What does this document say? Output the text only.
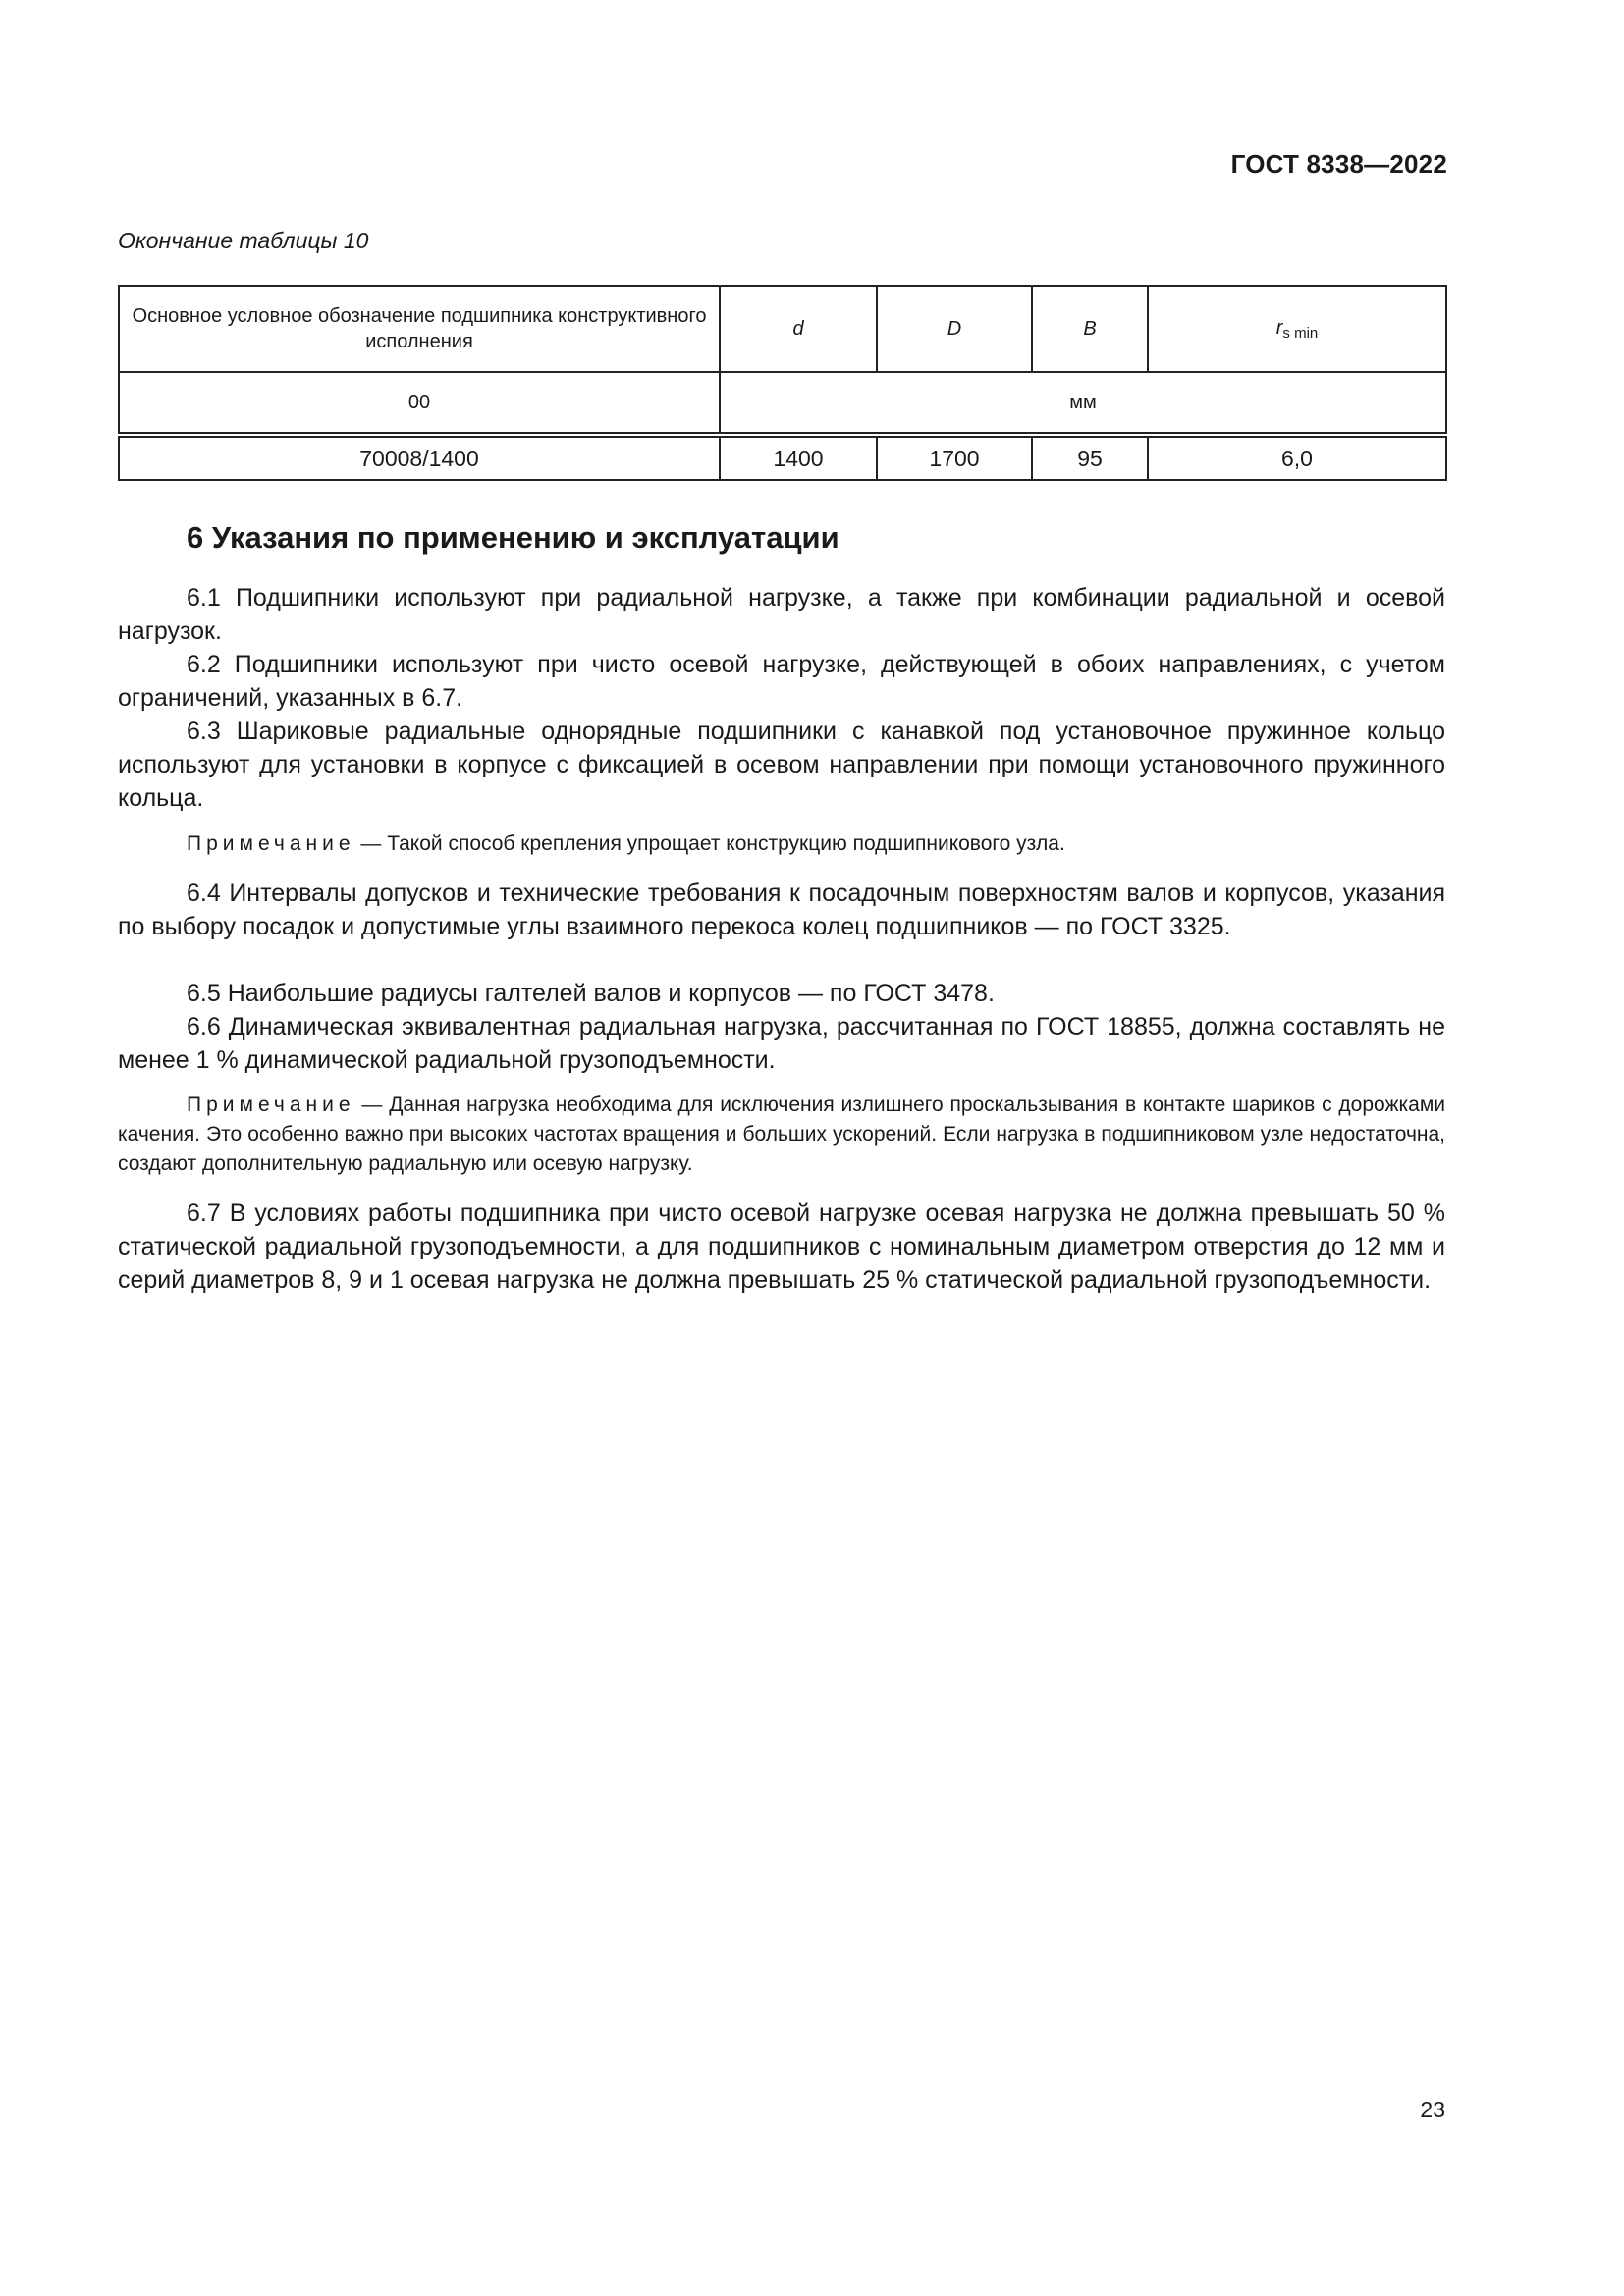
ГОСТ 8338—2022
Окончание таблицы 10
Основное условное обозначение подшипника конструктивного исполнения	d	D	B	$r_{s min}$
00	мм			
70008/1400	1400	1700	95	6,0
6 Указания по применению и эксплуатации
6.1 Подшипники используют при радиальной нагрузке, а также при комбинации радиальной и осевой нагрузок.
6.2 Подшипники используют при чисто осевой нагрузке, действующей в обоих направлениях, с учетом ограничений, указанных в 6.7.
6.3 Шариковые радиальные однорядные подшипники с канавкой под установочное пружинное кольцо используют для установки в корпусе с фиксацией в осевом направлении при помощи установочного пружинного кольца.
Примечание — Такой способ крепления упрощает конструкцию подшипникового узла.
6.4 Интервалы допусков и технические требования к посадочным поверхностям валов и корпусов, указания по выбору посадок и допустимые углы взаимного перекоса колец подшипников — по ГОСТ 3325.
6.5 Наибольшие радиусы галтелей валов и корпусов — по ГОСТ 3478.
6.6 Динамическая эквивалентная радиальная нагрузка, рассчитанная по ГОСТ 18855, должна составлять не менее 1 % динамической радиальной грузоподъемности.
Примечание — Данная нагрузка необходима для исключения излишнего проскальзывания в контакте шариков с дорожками качения. Это особенно важно при высоких частотах вращения и больших ускорений. Если нагрузка в подшипниковом узле недостаточна, создают дополнительную радиальную или осевую нагрузку.
6.7 В условиях работы подшипника при чисто осевой нагрузке осевая нагрузка не должна превышать 50 % статической радиальной грузоподъемности, а для подшипников с номинальным диаметром отверстия до 12 мм и серий диаметров 8, 9 и 1 осевая нагрузка не должна превышать 25 % статической радиальной грузоподъемности.
23
